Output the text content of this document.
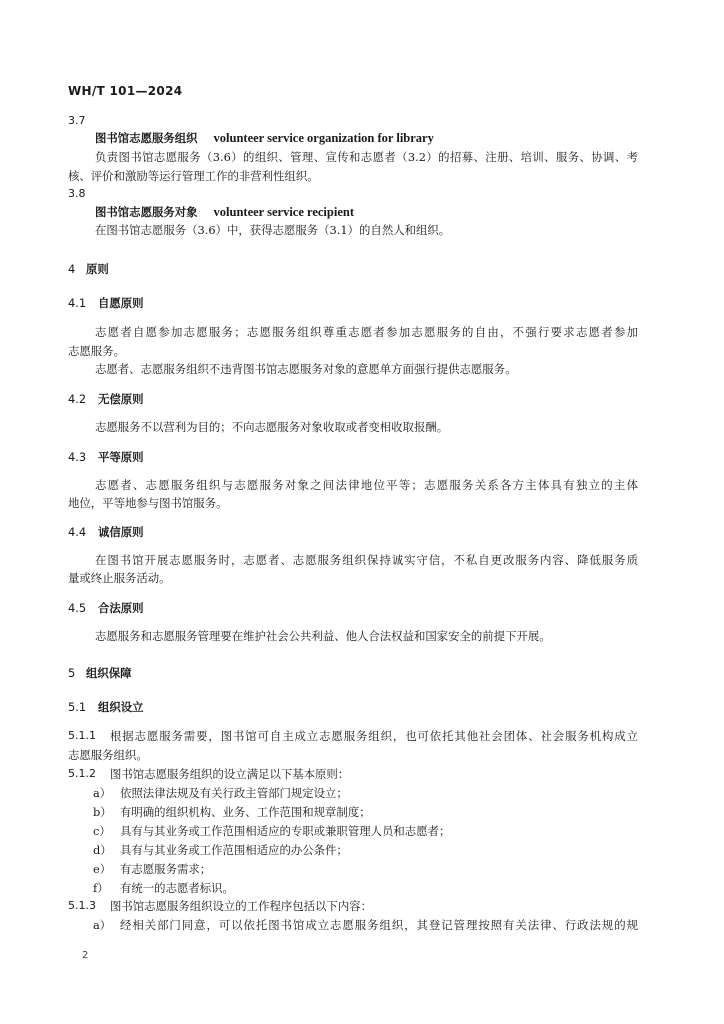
WH/T 101—2024
3.7
图书馆志愿服务组织 volunteer service organization for library
负责图书馆志愿服务（3.6）的组织、管理、宣传和志愿者（3.2）的招募、注册、培训、服务、协调、考
核、评价和激励等运行管理工作的非营利性组织。
3.8
图书馆志愿服务对象 volunteer service recipient
在图书馆志愿服务（3.6）中，获得志愿服务（3.1）的自然人和组织。
4 原则
4.1 自愿原则
志愿者自愿参加志愿服务；志愿服务组织尊重志愿者参加志愿服务的自由，不强行要求志愿者参加
志愿服务。
志愿者、志愿服务组织不违背图书馆志愿服务对象的意愿单方面强行提供志愿服务。
4.2 无偿原则
志愿服务不以营利为目的；不向志愿服务对象收取或者变相收取报酬。
4.3 平等原则
志愿者、志愿服务组织与志愿服务对象之间法律地位平等；志愿服务关系各方主体具有独立的主体
地位，平等地参与图书馆服务。
4.4 诚信原则
在图书馆开展志愿服务时，志愿者、志愿服务组织保持诚实守信，不私自更改服务内容、降低服务质
量或终止服务活动。
4.5 合法原则
志愿服务和志愿服务管理要在维护社会公共利益、他人合法权益和国家安全的前提下开展。
5 组织保障
5.1 组织设立
5.1.1 根据志愿服务需要，图书馆可自主成立志愿服务组织，也可依托其他社会团体、社会服务机构成立
志愿服务组织。
5.1.2 图书馆志愿服务组织的设立满足以下基本原则：
a） 依照法律法规及有关行政主管部门规定设立；
b） 有明确的组织机构、业务、工作范围和规章制度；
c） 具有与其业务或工作范围相适应的专职或兼职管理人员和志愿者；
d） 具有与其业务或工作范围相适应的办公条件；
e） 有志愿服务需求；
f） 有统一的志愿者标识。
5.1.3 图书馆志愿服务组织设立的工作程序包括以下内容：
a） 经相关部门同意，可以依托图书馆成立志愿服务组织，其登记管理按照有关法律、行政法规的规
2
